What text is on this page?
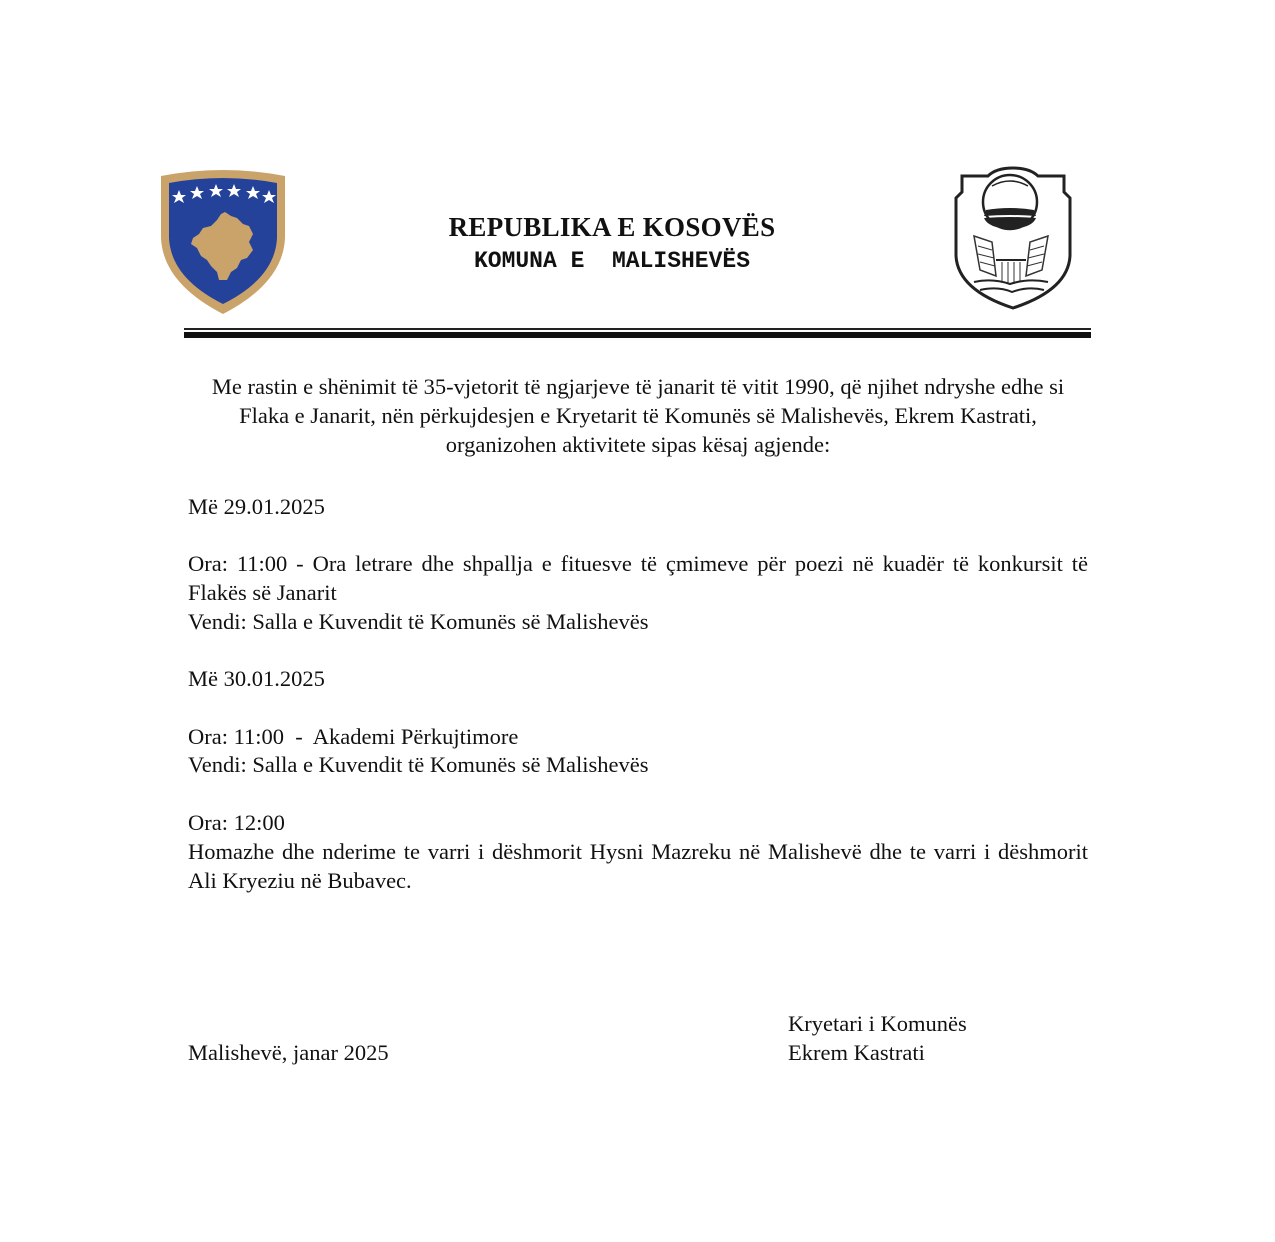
REPUBLIKA E KOSOVËS
KOMUNA E  MALISHEVËS
Me rastin e shënimit të 35-vjetorit të ngjarjeve të janarit të vitit 1990, që njihet ndryshe edhe si Flaka e Janarit, nën përkujdesjen e Kryetarit të Komunës së Malishevës, Ekrem Kastrati, organizohen aktivitete sipas kësaj agjende:
Më 29.01.2025
Ora: 11:00 - Ora letrare dhe shpallja e fituesve të çmimeve për poezi në kuadër të konkursit të Flakës së Janarit
Vendi: Salla e Kuvendit të Komunës së Malishevës
Më 30.01.2025
Ora: 11:00  -  Akademi Përkujtimore
Vendi: Salla e Kuvendit të Komunës së Malishevës
Ora: 12:00
Homazhe dhe nderime te varri i dëshmorit Hysni Mazreku në Malishevë dhe te varri i dëshmorit Ali Kryeziu në Bubavec.
Kryetari i Komunës
Malishevë, janar 2025	Ekrem Kastrati
